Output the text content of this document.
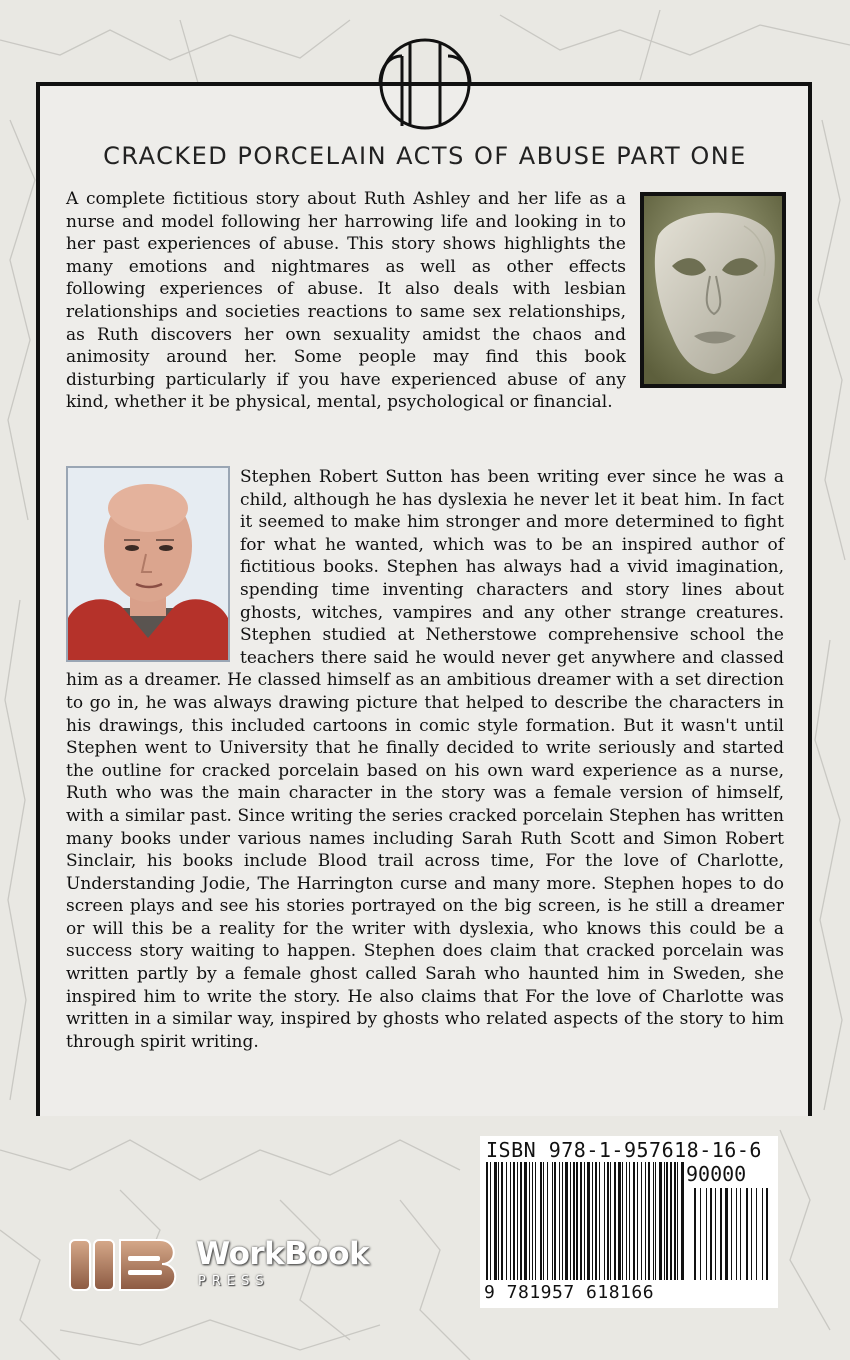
CRACKED PORCELAIN ACTS OF ABUSE PART ONE
A complete fictitious story about Ruth Ashley and her life as a nurse and model following her harrowing life and looking in to her past experiences of abuse. This story shows highlights the many emotions and nightmares as well as other effects following experiences of abuse. It also deals with lesbian relationships and societies reactions to same sex relationships, as Ruth discovers her own sexuality amidst the chaos and animosity around her. Some people may find this book disturbing particularly if you have experienced abuse of any kind, whether it be physical, mental, psychological or financial.
Stephen Robert Sutton has been writing ever since he was a child, although he has dyslexia he never let it beat him. In fact it seemed to make him stronger and more determined to fight for what he wanted, which was to be an inspired author of fictitious books. Stephen has always had a vivid imagination, spending time inventing characters and story lines about ghosts, witches, vampires and any other strange creatures. Stephen studied at Netherstowe comprehensive school the teachers there said he would never get anywhere and classed him as a dreamer. He classed himself as an ambitious dreamer with a set direction to go in, he was always drawing picture that helped to describe the characters in his drawings, this included cartoons in comic style formation. But it wasn't until Stephen went to University that he finally decided to write seriously and started the outline for cracked porcelain based on his own ward experience as a nurse, Ruth who was the main character in the story was a female version of himself, with a similar past. Since writing the series cracked porcelain Stephen has written many books under various names including Sarah Ruth Scott and Simon Robert Sinclair, his books include Blood trail across time, For the love of Charlotte, Understanding Jodie, The Harrington curse and many more. Stephen hopes to do screen plays and see his stories portrayed on the big screen, is he still a dreamer or will this be a reality for the writer with dyslexia, who knows this could be a success story waiting to happen. Stephen does claim that cracked porcelain was written partly by a female ghost called Sarah who haunted him in Sweden, she inspired him to write the story. He also claims that For the love of Charlotte was written in a similar way, inspired by ghosts who related aspects of the story to him through spirit writing.
ISBN 978-1-957618-16-6
90000
9 781957 618166
WorkBook
PRESS
